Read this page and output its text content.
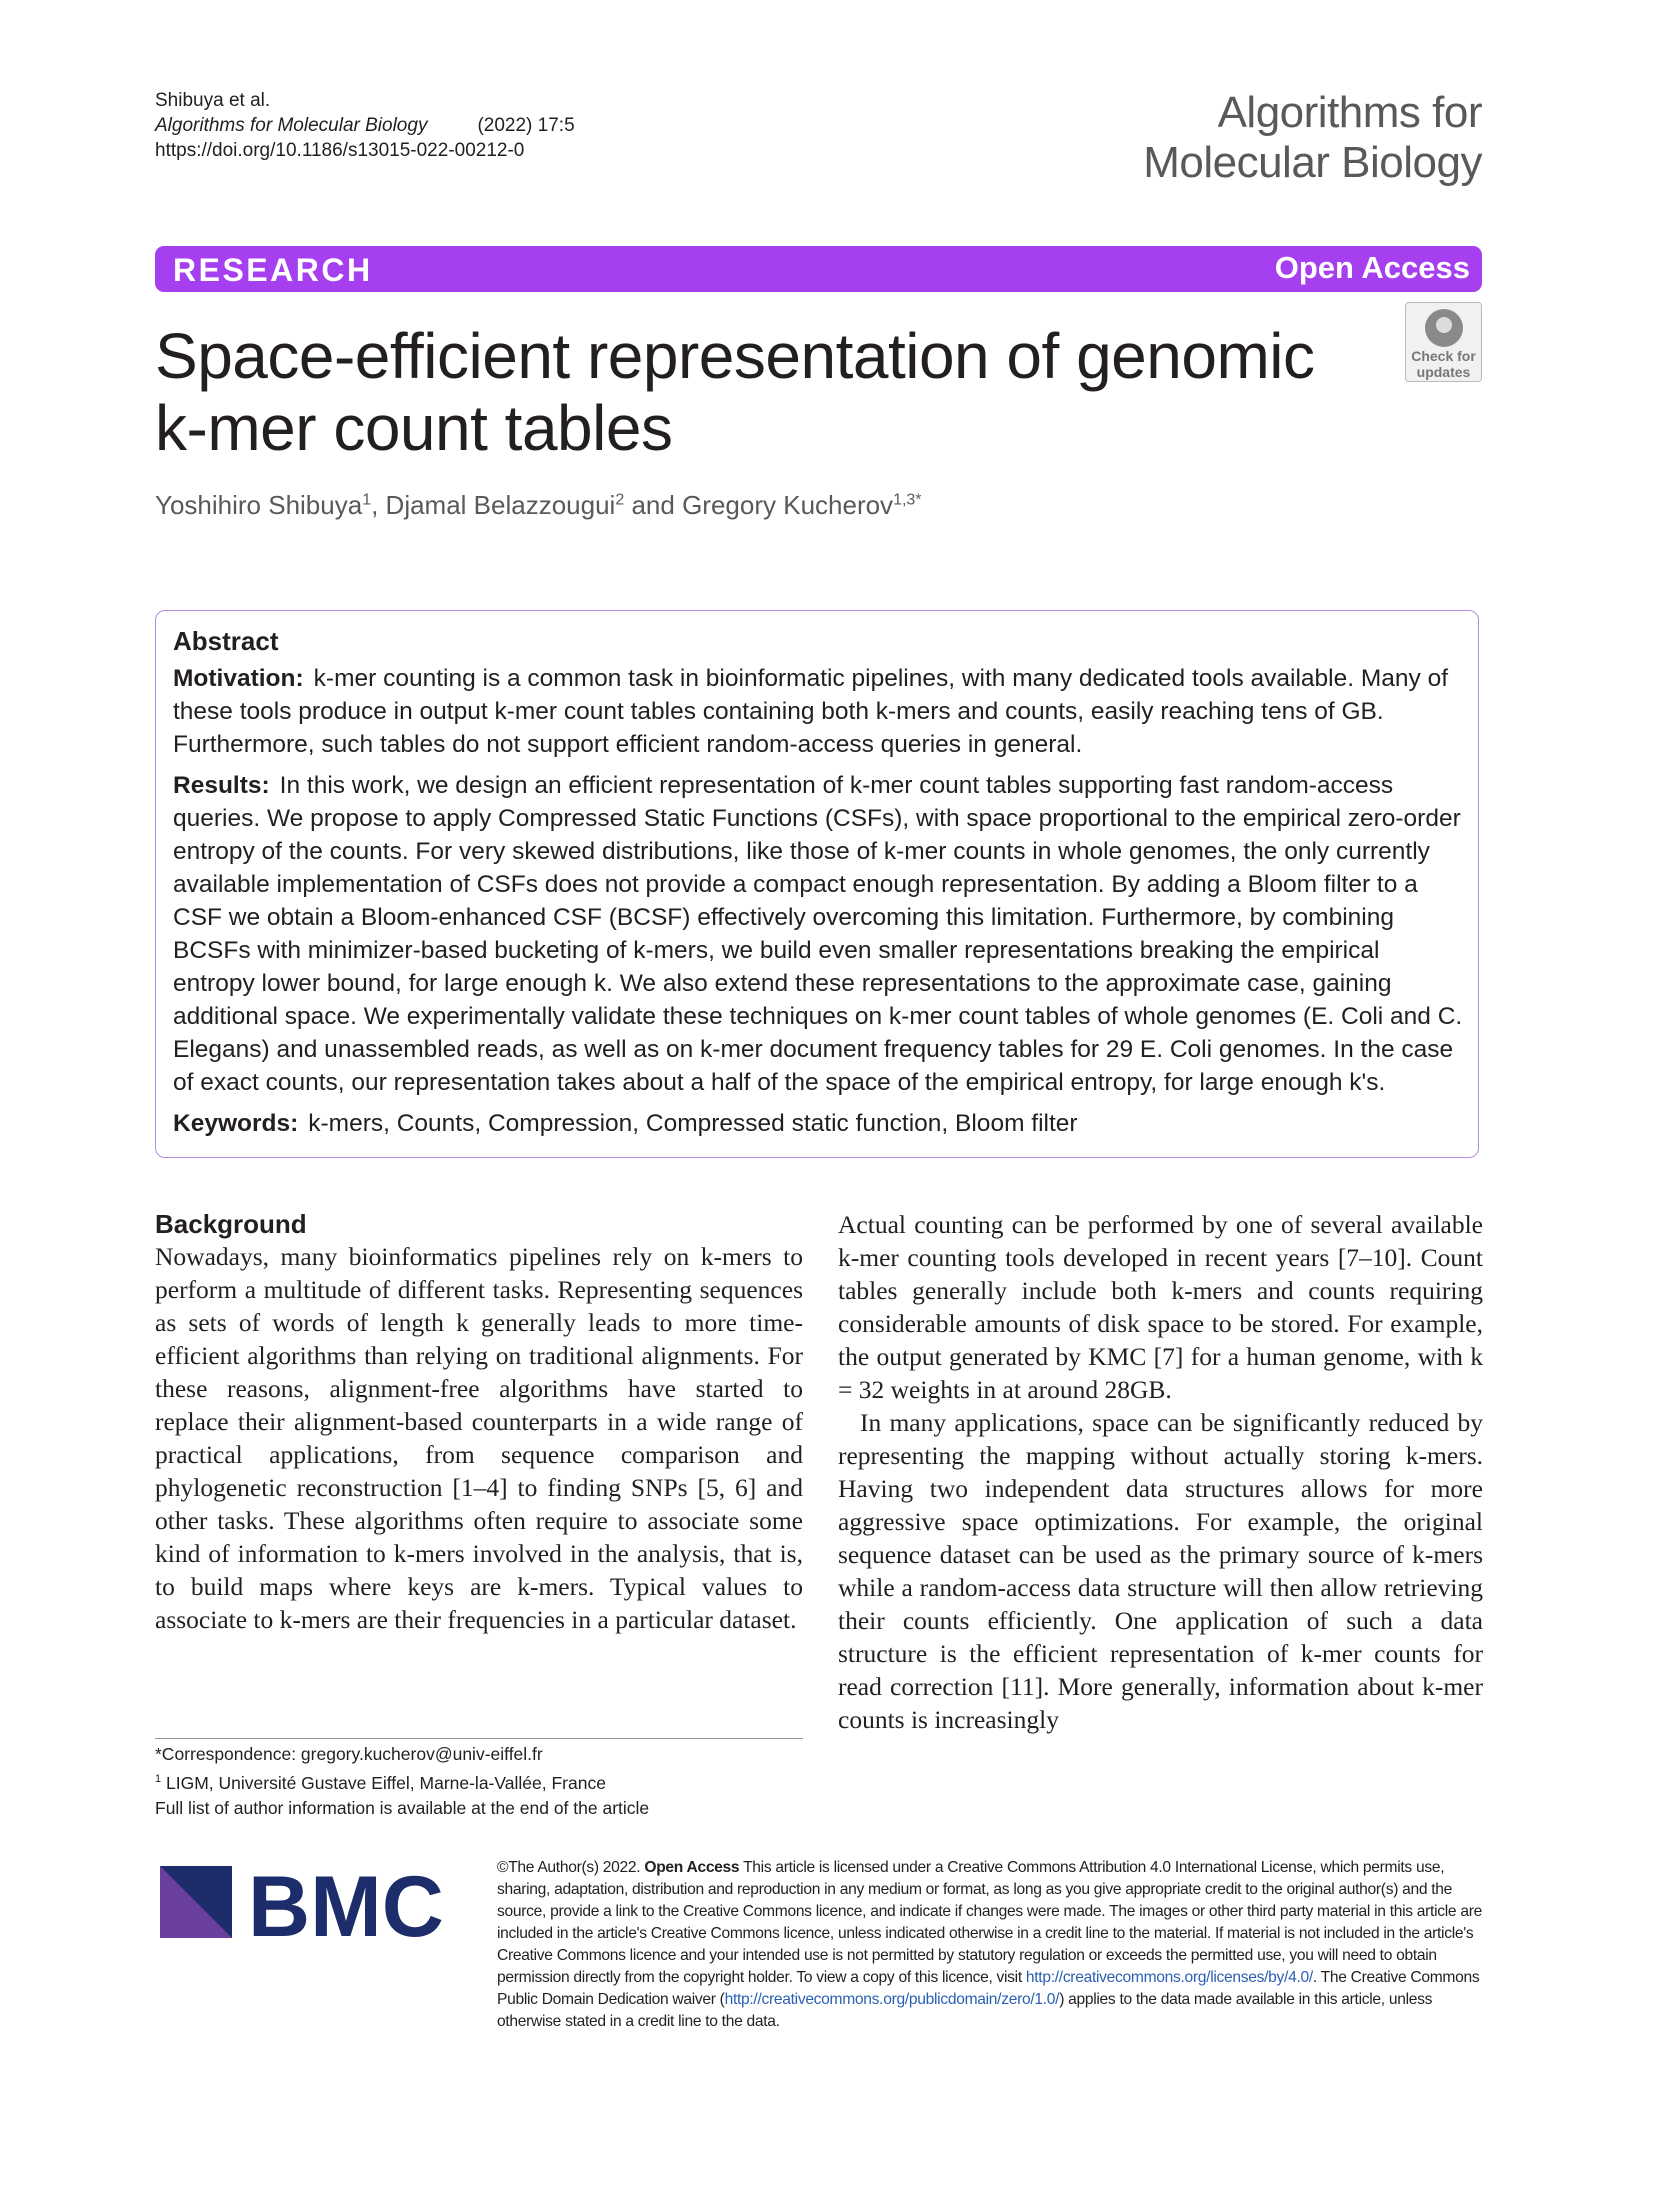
Shibuya et al.
Algorithms for Molecular Biology	(2022) 17:5
https://doi.org/10.1186/s13015-022-00212-0
Algorithms for
Molecular Biology
RESEARCH	Open Access
Space-efficient representation of genomic
k-mer count tables
Check for
updates
Yoshihiro Shibuya$^1$, Djamal Belazzougui$^2$ and Gregory Kucherov$^{1,3*}$
Abstract

Motivation: k-mer counting is a common task in bioinformatic pipelines, with many dedicated tools available. Many of these tools produce in output k-mer count tables containing both k-mers and counts, easily reaching tens of GB. Furthermore, such tables do not support efficient random-access queries in general.

Results: In this work, we design an efficient representation of k-mer count tables supporting fast random-access queries. We propose to apply Compressed Static Functions (CSFs), with space proportional to the empirical zero-order entropy of the counts. For very skewed distributions, like those of k-mer counts in whole genomes, the only currently available implementation of CSFs does not provide a compact enough representation. By adding a Bloom filter to a CSF we obtain a Bloom-enhanced CSF (BCSF) effectively overcoming this limitation. Furthermore, by combining BCSFs with minimizer-based bucketing of k-mers, we build even smaller representations breaking the empirical entropy lower bound, for large enough k. We also extend these representations to the approximate case, gaining additional space. We experimentally validate these techniques on k-mer count tables of whole genomes (E. Coli and C. Elegans) and unassembled reads, as well as on k-mer document frequency tables for 29 E. Coli genomes. In the case of exact counts, our representation takes about a half of the space of the empirical entropy, for large enough k's.

Keywords: k-mers, Counts, Compression, Compressed static function, Bloom filter

Background
Nowadays, many bioinformatics pipelines rely on k-mers to perform a multitude of different tasks. Representing sequences as sets of words of length k generally leads to more time-efficient algorithms than relying on traditional alignments. For these reasons, alignment-free algorithms have started to replace their alignment-based counterparts in a wide range of practical applications, from sequence comparison and phylogenetic reconstruction [1–4] to finding SNPs [5, 6] and other tasks. These algorithms often require to associate some kind of information to k-mers involved in the analysis, that is, to build maps where keys are k-mers. Typical values to associate to k-mers are their frequencies in a particular dataset.

Actual counting can be performed by one of several available k-mer counting tools developed in recent years [7–10]. Count tables generally include both k-mers and counts requiring considerable amounts of disk space to be stored. For example, the output generated by KMC [7] for a human genome, with k = 32 weights in at around 28GB.

In many applications, space can be significantly reduced by representing the mapping without actually storing k-mers. Having two independent data structures allows for more aggressive space optimizations. For example, the original sequence dataset can be used as the primary source of k-mers while a random-access data structure will then allow retrieving their counts efficiently. One application of such a data structure is the efficient representation of k-mer counts for read correction [11]. More generally, information about k-mer counts is increasingly

*Correspondence: gregory.kucherov@univ-eiffel.fr
$^1$ LIGM, Université Gustave Eiffel, Marne-la-Vallée, France
Full list of author information is available at the end of the article
BMC	©The Author(s) 2022. Open Access This article is licensed under a Creative Commons Attribution 4.0 International License, which permits use, sharing, adaptation, distribution and reproduction in any medium or format, as long as you give appropriate credit to the original author(s) and the source, provide a link to the Creative Commons licence, and indicate if changes were made. The images or other third party material in this article are included in the article's Creative Commons licence, unless indicated otherwise in a credit line to the material. If material is not included in the article's Creative Commons licence and your intended use is not permitted by statutory regulation or exceeds the permitted use, you will need to obtain permission directly from the copyright holder. To view a copy of this licence, visit http://creativecommons.org/licenses/by/4.0/. The Creative Commons Public Domain Dedication waiver (http://creativecommons.org/publicdomain/zero/1.0/) applies to the data made available in this article, unless otherwise stated in a credit line to the data.
